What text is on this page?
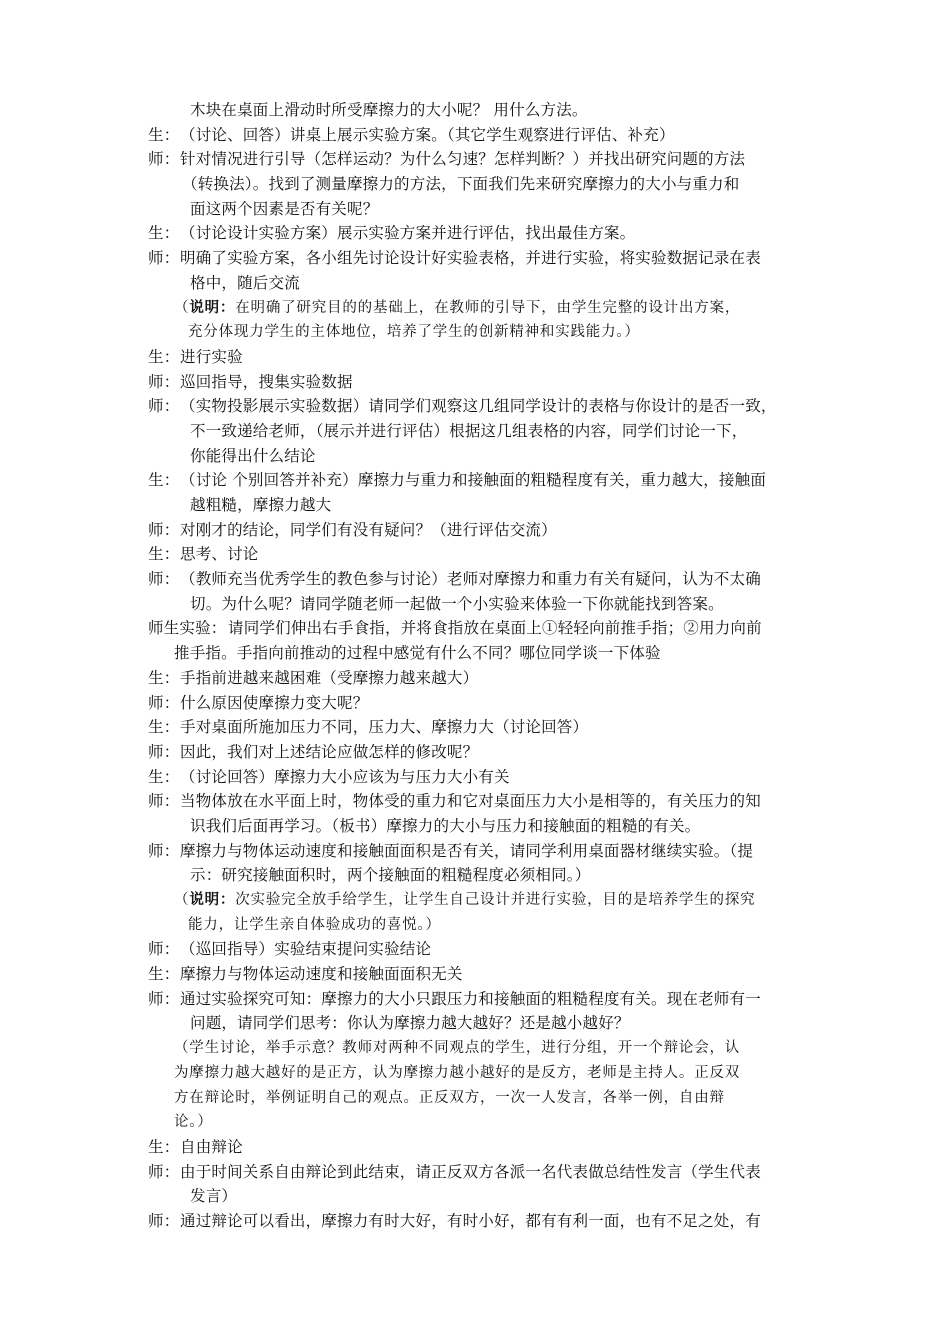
木块在桌面上滑动时所受摩擦力的大小呢？ 用什么方法。
生： （讨论、回答）讲桌上展示实验方案。（其它学生观察进行评估、补充）
师： 针对情况进行引导（怎样运动？为什么匀速？怎样判断？）并找出研究问题的方法
（转换法）。找到了测量摩擦力的方法，下面我们先来研究摩擦力的大小与重力和
面这两个因素是否有关呢？
生： （讨论设计实验方案）展示实验方案并进行评估，找出最佳方案。
师： 明确了实验方案，各小组先讨论设计好实验表格，并进行实验，将实验数据记录在表
格中，随后交流
（说明：在明确了研究目的的基础上，在教师的引导下，由学生完整的设计出方案，
充分体现力学生的主体地位，培养了学生的创新精神和实践能力。）
生： 进行实验
师： 巡回指导，搜集实验数据
师： （实物投影展示实验数据）请同学们观察这几组同学设计的表格与你设计的是否一致，
不一致递给老师，（展示并进行评估）根据这几组表格的内容，同学们讨论一下，
你能得出什么结论
生： （讨论 个别回答并补充）摩擦力与重力和接触面的粗糙程度有关，重力越大，接触面
越粗糙，摩擦力越大
师： 对刚才的结论，同学们有没有疑问？（进行评估交流）
生： 思考、讨论
师： （教师充当优秀学生的教色参与讨论）老师对摩擦力和重力有关有疑问，认为不太确
切。为什么呢？请同学随老师一起做一个小实验来体验一下你就能找到答案。
师生实验： 请同学们伸出右手食指，并将食指放在桌面上①轻轻向前推手指；②用力向前
推手指。手指向前推动的过程中感觉有什么不同？哪位同学谈一下体验
生： 手指前进越来越困难（受摩擦力越来越大）
师： 什么原因使摩擦力变大呢？
生： 手对桌面所施加压力不同，压力大、摩擦力大（讨论回答）
师： 因此，我们对上述结论应做怎样的修改呢？
生： （讨论回答）摩擦力大小应该为与压力大小有关
师： 当物体放在水平面上时，物体受的重力和它对桌面压力大小是相等的，有关压力的知
识我们后面再学习。（板书）摩擦力的大小与压力和接触面的粗糙的有关。
师： 摩擦力与物体运动速度和接触面面积是否有关，请同学利用桌面器材继续实验。（提
示：研究接触面积时，两个接触面的粗糙程度必须相同。）
（说明：次实验完全放手给学生，让学生自己设计并进行实验，目的是培养学生的探究
能力，让学生亲自体验成功的喜悦。）
师： （巡回指导）实验结束提问实验结论
生： 摩擦力与物体运动速度和接触面面积无关
师： 通过实验探究可知：摩擦力的大小只跟压力和接触面的粗糙程度有关。现在老师有一
问题，请同学们思考：你认为摩擦力越大越好？还是越小越好？
（学生讨论，举手示意？教师对两种不同观点的学生，进行分组，开一个辩论会，认
为摩擦力越大越好的是正方，认为摩擦力越小越好的是反方，老师是主持人。正反双
方在辩论时，举例证明自己的观点。正反双方，一次一人发言，各举一例，自由辩
论。）
生： 自由辩论
师： 由于时间关系自由辩论到此结束，请正反双方各派一名代表做总结性发言（学生代表
发言）
师： 通过辩论可以看出，摩擦力有时大好，有时小好，都有有利一面，也有不足之处，有
